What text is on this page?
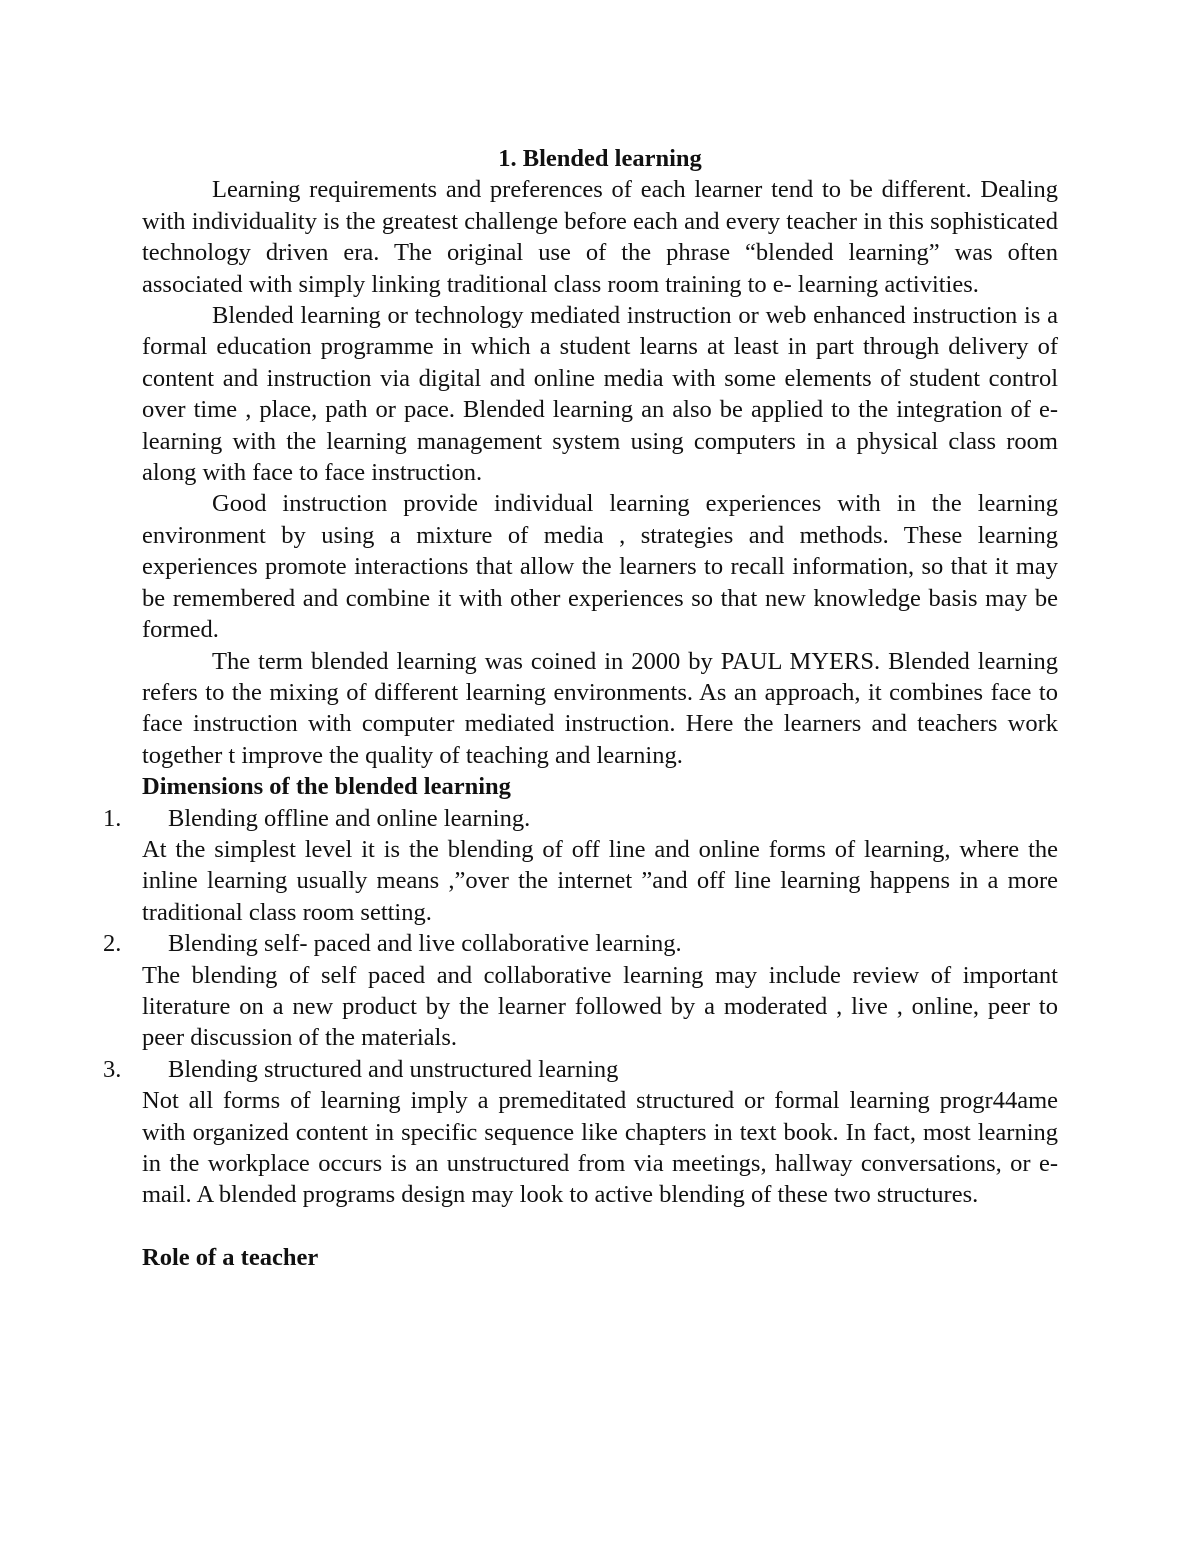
1. Blended learning

Learning requirements and preferences of each learner tend to be different. Dealing with individuality is the greatest challenge before each and every teacher in this sophisticated technology driven era. The original use of the phrase “blended learning” was often associated with simply linking traditional class room training to e- learning activities.

Blended learning or technology mediated instruction or web enhanced instruction is a formal education programme in which a student learns at least in part through delivery of content and instruction via digital and online media with some elements of student control over time , place, path or pace. Blended learning an also be applied to the integration of e-learning with the learning management system using computers in a physical class room along with face to face instruction.

Good instruction provide individual learning experiences with in the learning environment by using a mixture of media , strategies and methods. These learning experiences promote interactions that allow the learners to recall information, so that it may be remembered and combine it with other experiences so that new knowledge basis may be formed.

The term blended learning was coined in 2000 by PAUL MYERS. Blended learning refers to the mixing of different learning environments. As an approach, it combines face to face instruction with computer mediated instruction. Here the learners and teachers work together t improve the quality of teaching and learning.

Dimensions of the blended learning

1.	Blending offline and online learning.

At the simplest level it is the blending of off line and online forms of learning, where the inline learning usually means ,”over the internet ”and off line learning happens in a more traditional class room setting.

2.	Blending self- paced and live collaborative learning.

The blending of self paced and collaborative learning may include review of important literature on a new product by the learner followed by a moderated , live , online, peer to peer discussion of the materials.

3.	Blending structured and unstructured learning

Not all forms of learning imply a premeditated structured or formal learning progr44ame with organized content in specific sequence like chapters in text book. In fact, most learning in the workplace occurs is an unstructured from via meetings, hallway conversations, or e-mail. A blended programs design may look to active blending of these two structures.

Role of a teacher
